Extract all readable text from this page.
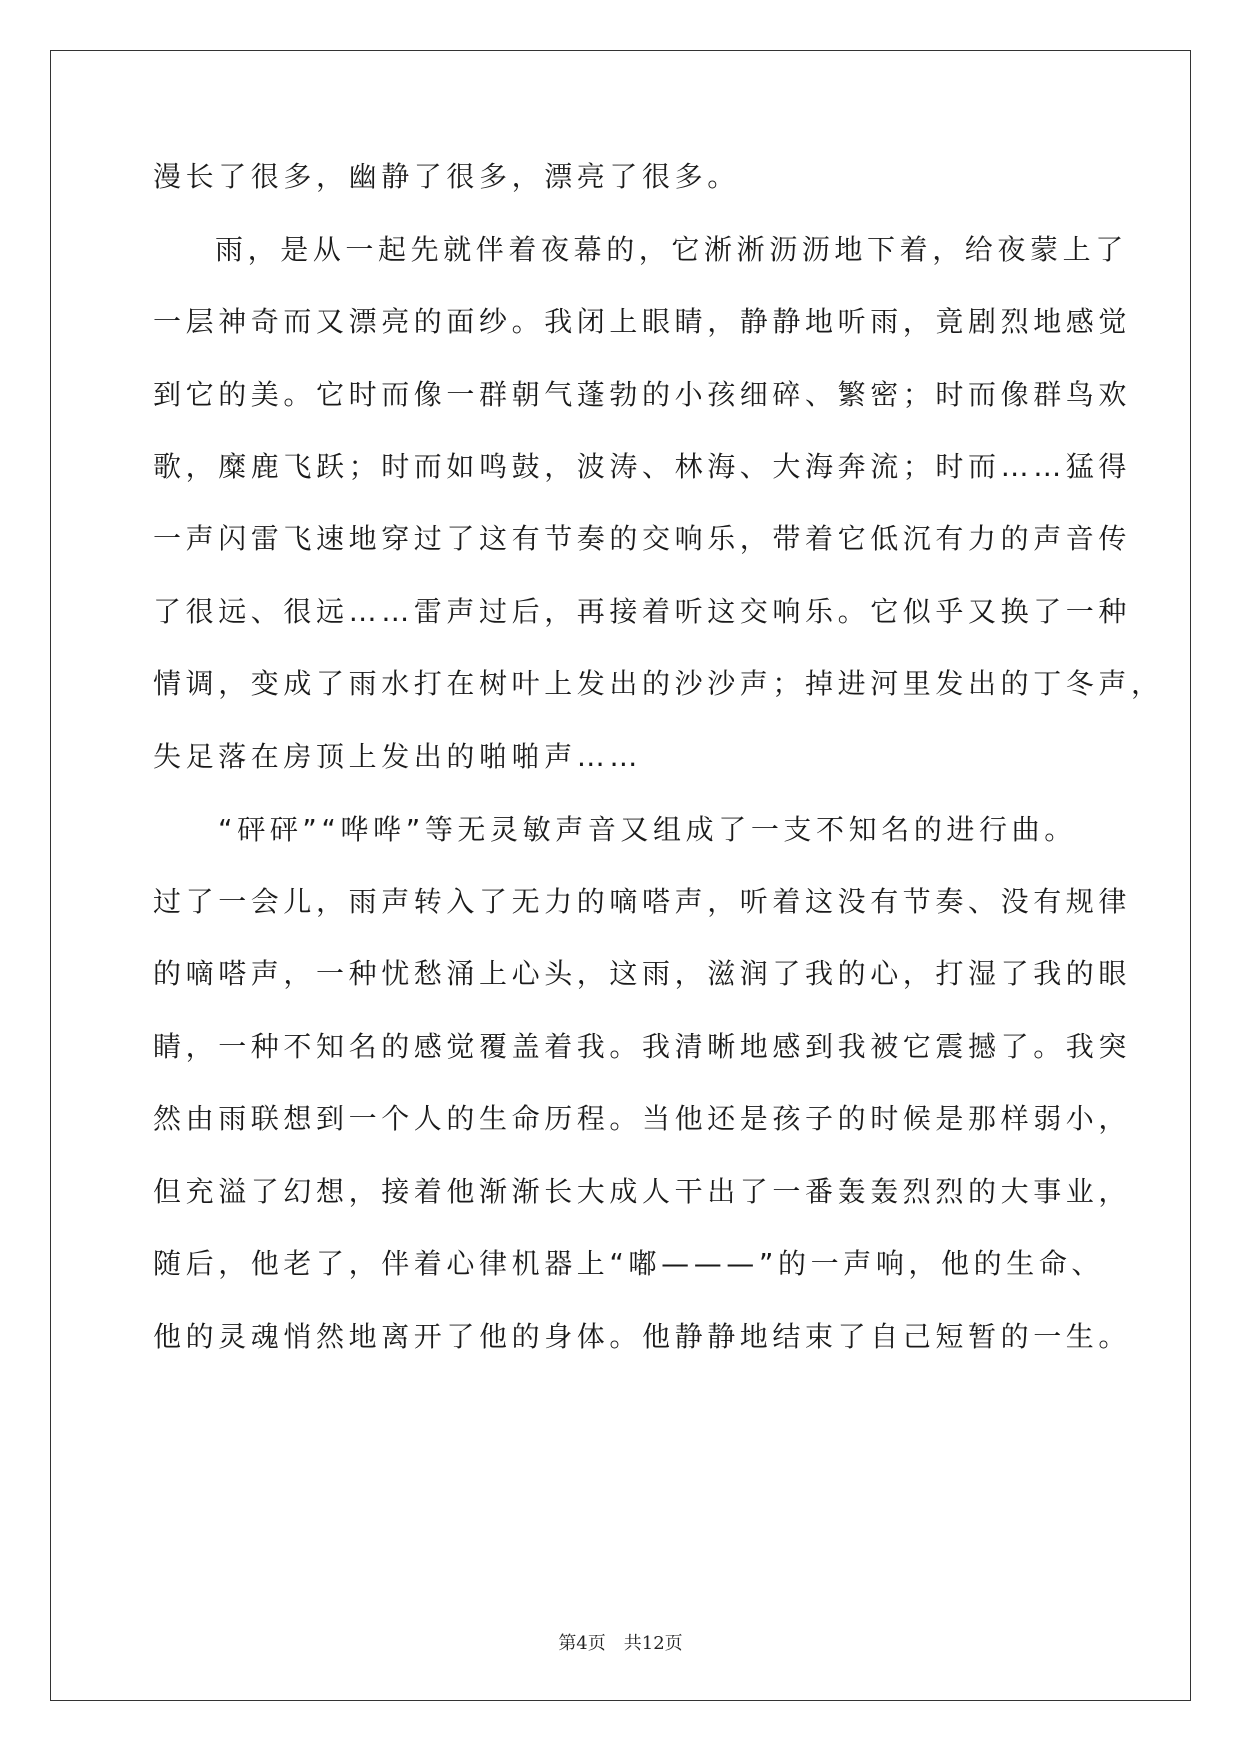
漫长了很多，幽静了很多，漂亮了很多。
雨，是从一起先就伴着夜幕的，它淅淅沥沥地下着，给夜蒙上了
一层神奇而又漂亮的面纱。我闭上眼睛，静静地听雨，竟剧烈地感觉
到它的美。它时而像一群朝气蓬勃的小孩细碎、繁密；时而像群鸟欢
歌，糜鹿飞跃；时而如鸣鼓，波涛、林海、大海奔流；时而……猛得
一声闪雷飞速地穿过了这有节奏的交响乐，带着它低沉有力的声音传
了很远、很远……雷声过后，再接着听这交响乐。它似乎又换了一种
情调，变成了雨水打在树叶上发出的沙沙声；掉进河里发出的丁冬声，
失足落在房顶上发出的啪啪声……
“砰砰”“哗哗”等无灵敏声音又组成了一支不知名的进行曲。
过了一会儿，雨声转入了无力的嘀嗒声，听着这没有节奏、没有规律
的嘀嗒声，一种忧愁涌上心头，这雨，滋润了我的心，打湿了我的眼
睛，一种不知名的感觉覆盖着我。我清晰地感到我被它震撼了。我突
然由雨联想到一个人的生命历程。当他还是孩子的时候是那样弱小，
但充溢了幻想，接着他渐渐长大成人干出了一番轰轰烈烈的大事业，
随后，他老了，伴着心律机器上“嘟———”的一声响，他的生命、
他的灵魂悄然地离开了他的身体。他静静地结束了自己短暂的一生。
第4页　共12页
